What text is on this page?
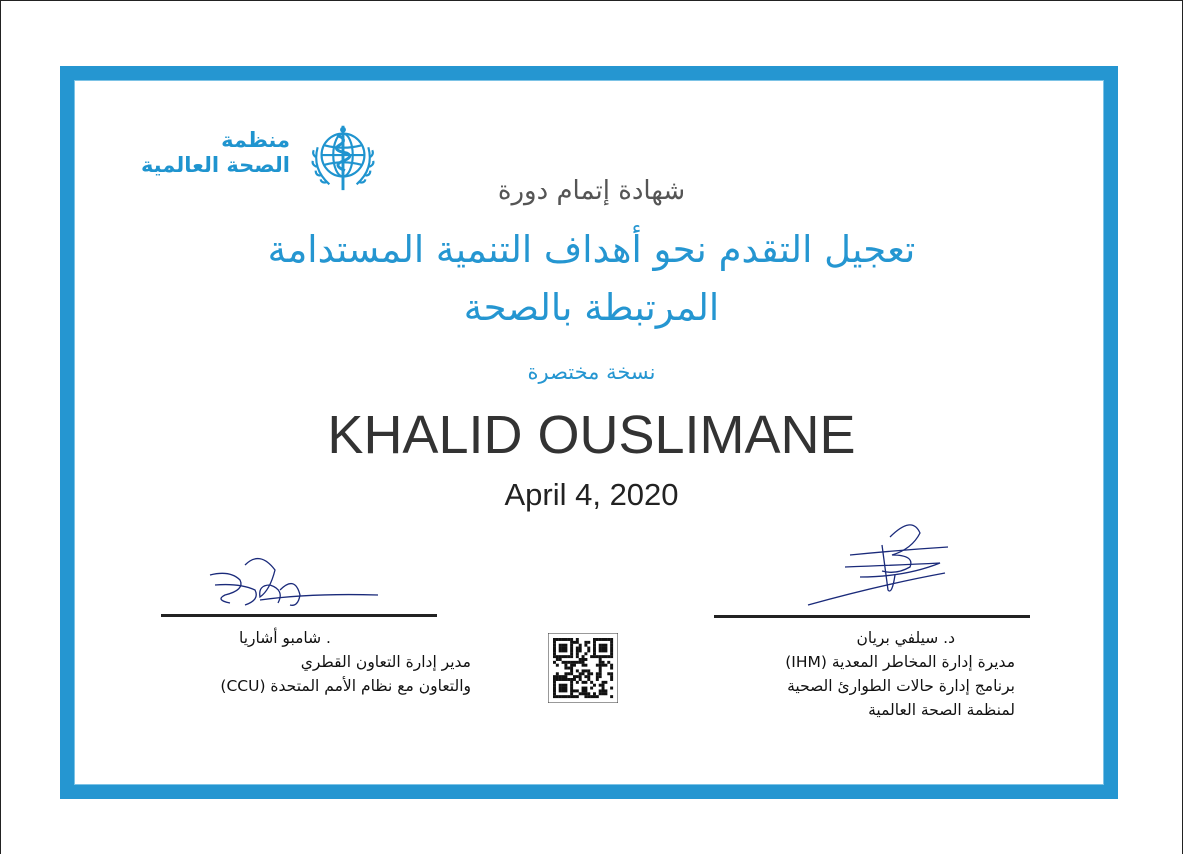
منظمة
الصحة العالمية
شهادة إتمام دورة
تعجيل التقدم نحو أهداف التنمية المستدامة
المرتبطة بالصحة
نسخة مختصرة
KHALID OUSLIMANE
April 4, 2020
. شامبو أشاريا
مدير إدارة التعاون القطري
والتعاون مع نظام الأمم المتحدة (CCU)
د. سيلفي بريان
مديرة إدارة المخاطر المعدية (IHM)
برنامج إدارة حالات الطوارئ الصحية
لمنظمة الصحة العالمية
